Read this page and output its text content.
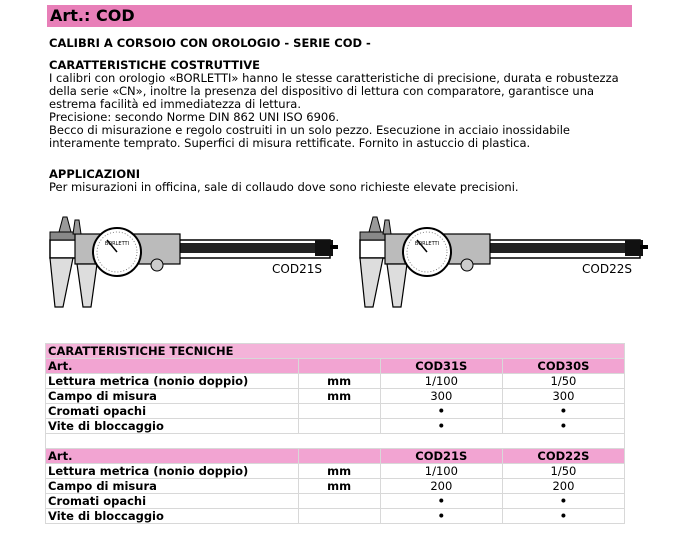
Art.: COD
CALIBRI A CORSOIO CON OROLOGIO - SERIE COD -
CARATTERISTICHE COSTRUTTIVE
I calibri con orologio «BORLETTI» hanno le stesse caratteristiche di precisione, durata e robustezza
della serie «CN», inoltre la presenza del dispositivo di lettura con comparatore, garantisce una
estrema facilità ed immediatezza di lettura.
Precisione: secondo Norme DIN 862 UNI ISO 6906.
Becco di misurazione e regolo costruiti in un solo pezzo. Esecuzione in acciaio inossidabile
interamente temprato. Superfici di misura rettificate. Fornito in astuccio di plastica.
APPLICAZIONI
Per misurazioni in officina, sale di collaudo dove sono richieste elevate precisioni.
BORLETTI
COD21S
BORLETTI
COD22S
CARATTERISTICHE TECNICHE			
Art.		COD31S	COD30S
Lettura metrica (nonio doppio)	mm	1/100	1/50
Campo di misura	mm	300	300
Cromati opachi		•	•
Vite di bloccaggio		•	•

Art.		COD21S	COD22S
Lettura metrica (nonio doppio)	mm	1/100	1/50
Campo di misura	mm	200	200
Cromati opachi		•	•
Vite di bloccaggio		•	•
